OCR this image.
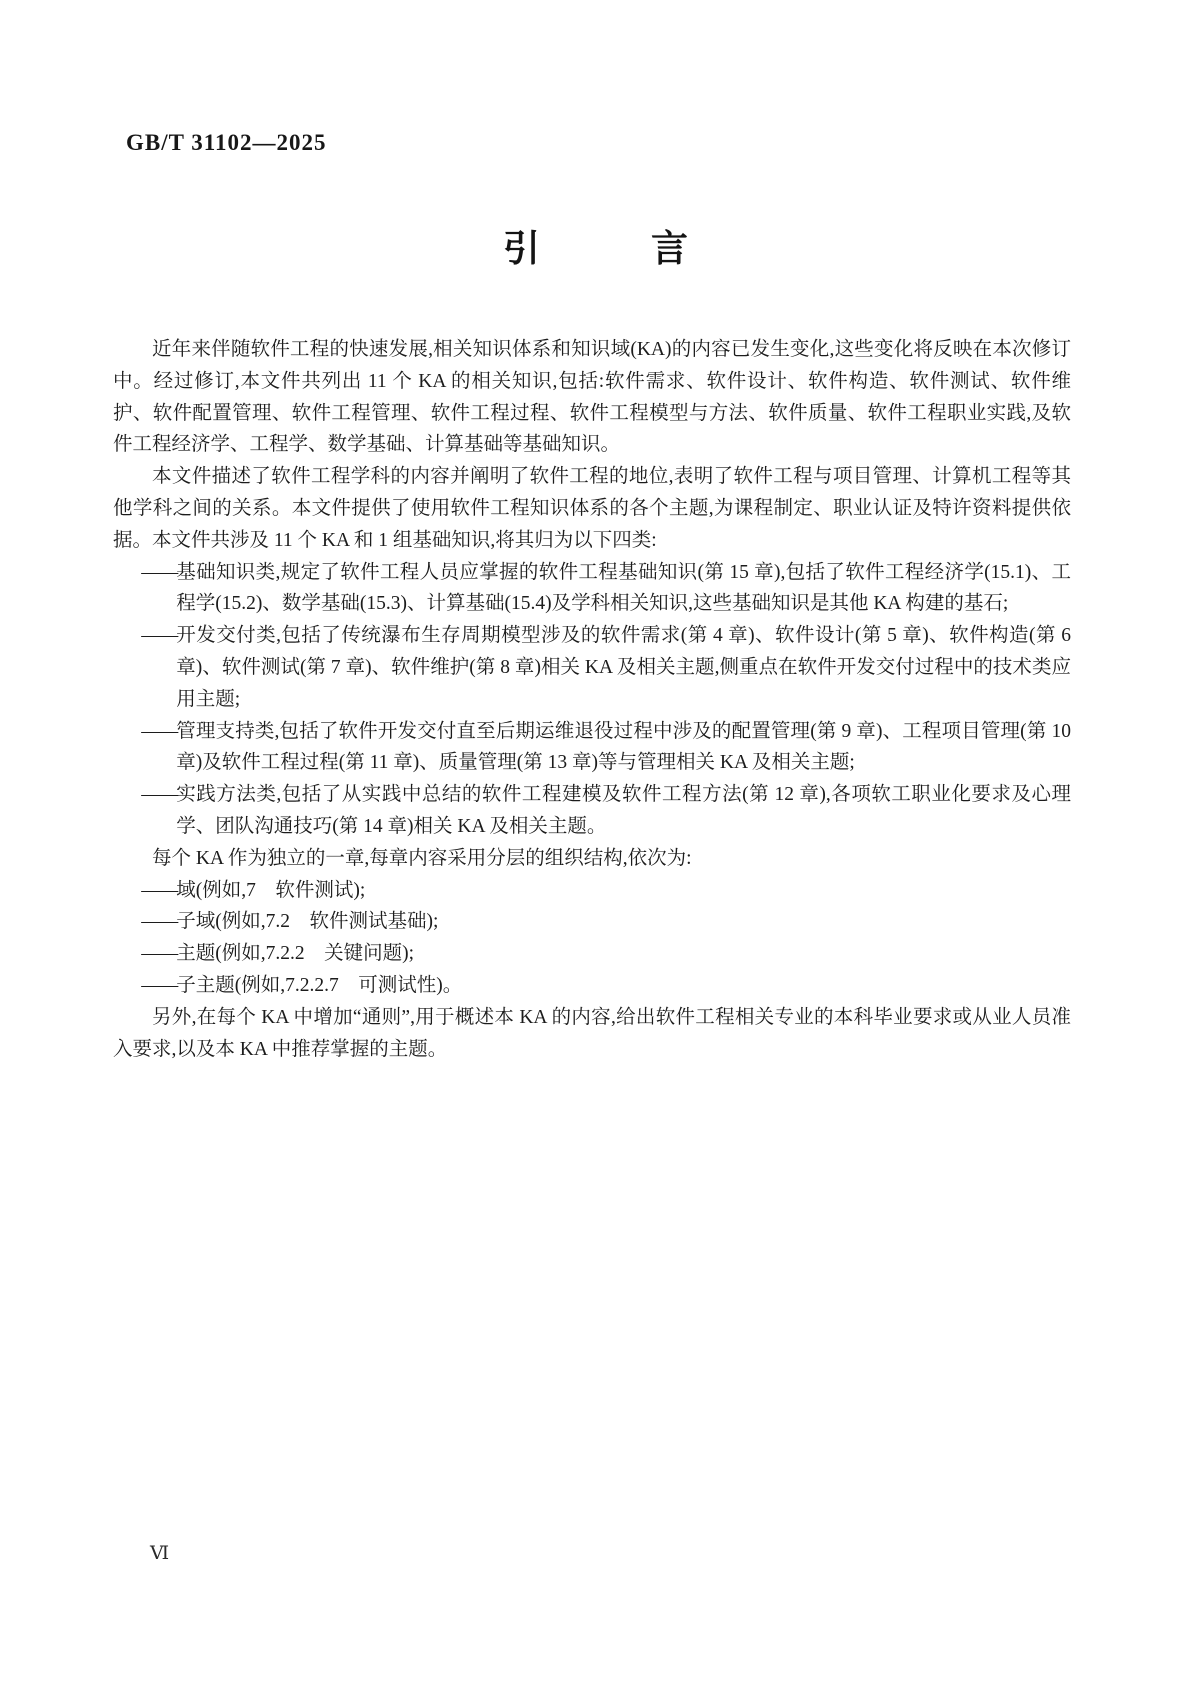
GB/T 31102—2025
引　　　言

近年来伴随软件工程的快速发展,相关知识体系和知识域(KA)的内容已发生变化,这些变化将反映在本次修订中。经过修订,本文件共列出 11 个 KA 的相关知识,包括:软件需求、软件设计、软件构造、软件测试、软件维护、软件配置管理、软件工程管理、软件工程过程、软件工程模型与方法、软件质量、软件工程职业实践,及软件工程经济学、工程学、数学基础、计算基础等基础知识。

本文件描述了软件工程学科的内容并阐明了软件工程的地位,表明了软件工程与项目管理、计算机工程等其他学科之间的关系。本文件提供了使用软件工程知识体系的各个主题,为课程制定、职业认证及特许资料提供依据。本文件共涉及 11 个 KA 和 1 组基础知识,将其归为以下四类:

—— 基础知识类,规定了软件工程人员应掌握的软件工程基础知识(第 15 章),包括了软件工程经济学(15.1)、工程学(15.2)、数学基础(15.3)、计算基础(15.4)及学科相关知识,这些基础知识是其他 KA 构建的基石;
—— 开发交付类,包括了传统瀑布生存周期模型涉及的软件需求(第 4 章)、软件设计(第 5 章)、软件构造(第 6 章)、软件测试(第 7 章)、软件维护(第 8 章)相关 KA 及相关主题,侧重点在软件开发交付过程中的技术类应用主题;
—— 管理支持类,包括了软件开发交付直至后期运维退役过程中涉及的配置管理(第 9 章)、工程项目管理(第 10 章)及软件工程过程(第 11 章)、质量管理(第 13 章)等与管理相关 KA 及相关主题;
—— 实践方法类,包括了从实践中总结的软件工程建模及软件工程方法(第 12 章),各项软工职业化要求及心理学、团队沟通技巧(第 14 章)相关 KA 及相关主题。

每个 KA 作为独立的一章,每章内容采用分层的组织结构,依次为:

—— 域(例如,7　软件测试);
—— 子域(例如,7.2　软件测试基础);
—— 主题(例如,7.2.2　关键问题);
—— 子主题(例如,7.2.2.7　可测试性)。

另外,在每个 KA 中增加“通则”,用于概述本 KA 的内容,给出软件工程相关专业的本科毕业要求或从业人员准入要求,以及本 KA 中推荐掌握的主题。

Ⅵ
